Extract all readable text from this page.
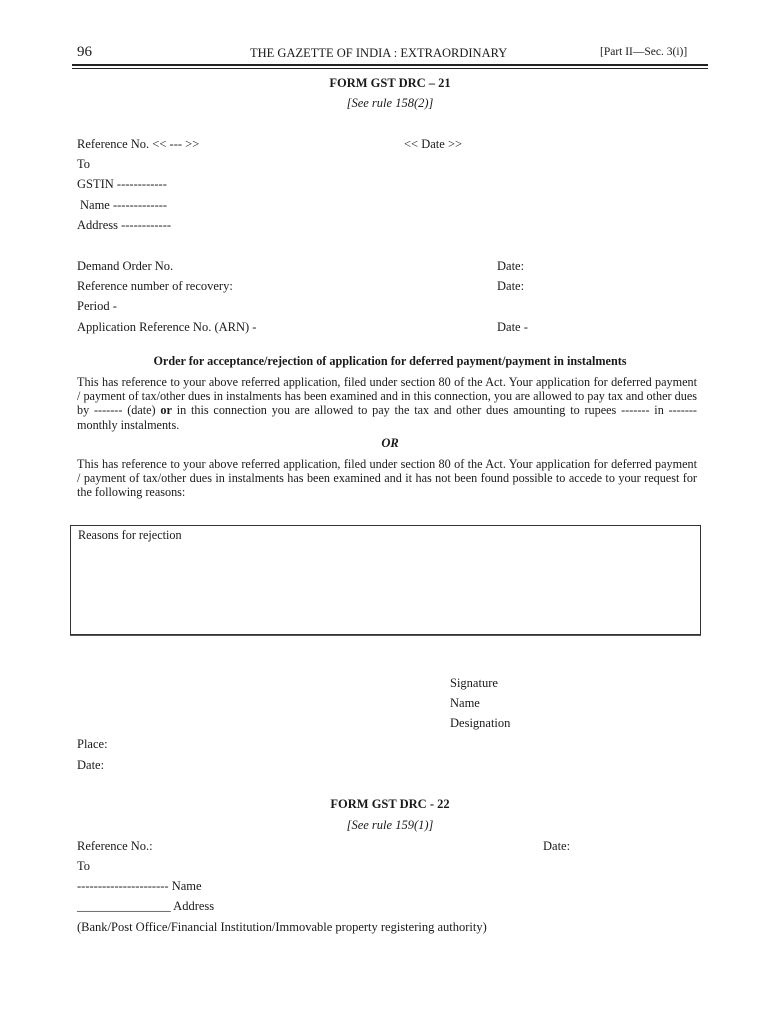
96	THE GAZETTE OF INDIA : EXTRAORDINARY	[Part II—Sec. 3(i)]
FORM GST DRC – 21
[See rule 158(2)]
Reference No. << --- >>	<< Date >>
To
GSTIN ------------
Name -------------
Address ------------
Demand Order No.	Date:
Reference number of recovery:	Date:
Period -
Application Reference No. (ARN) -	Date -
Order for acceptance/rejection of application for deferred payment/payment in instalments
This has reference to your above referred application, filed under section 80 of the Act. Your application for deferred payment / payment of tax/other dues in instalments has been examined and in this connection, you are allowed to pay tax and other dues by ------- (date) or in this connection you are allowed to pay the tax and other dues amounting to rupees ------- in ------- monthly instalments.
OR
This has reference to your above referred application, filed under section 80 of the Act. Your application for deferred payment / payment of tax/other dues in instalments has been examined and it has not been found possible to accede to your request for the following reasons:
Reasons for rejection
Signature
Name
Designation
Place:
Date:
FORM GST DRC - 22
[See rule 159(1)]
Reference No.:	Date:
To
---------------------- Name
_______________ Address
(Bank/Post Office/Financial Institution/Immovable property registering authority)
